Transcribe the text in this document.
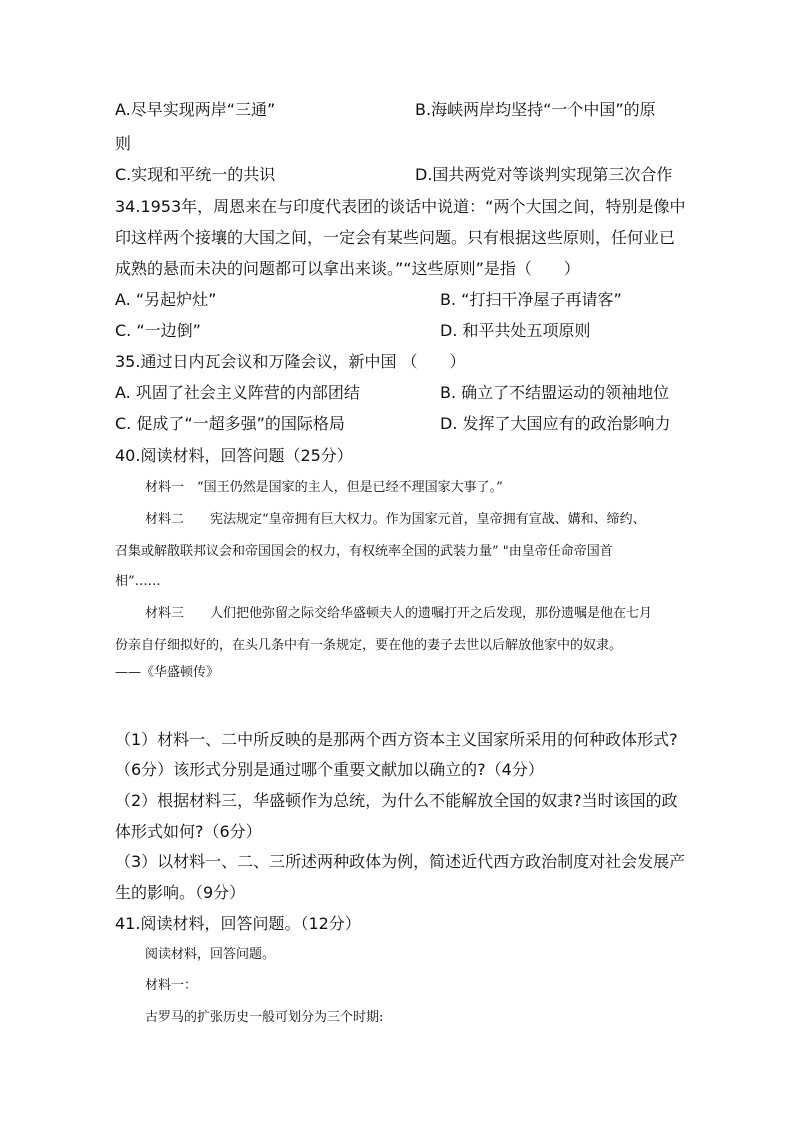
A.尽早实现两岸“三通”	B.海峡两岸均坚持“一个中国”的原
则
C.实现和平统一的共识	D.国共两党对等谈判实现第三次合作
34.1953年，周恩来在与印度代表团的谈话中说道：“两个大国之间，特别是像中
印这样两个接壤的大国之间，一定会有某些问题。只有根据这些原则，任何业已
成熟的悬而未决的问题都可以拿出来谈。”“这些原则”是指（　　）
A. “另起炉灶”	B. “打扫干净屋子再请客”
C. “一边倒”	D. 和平共处五项原则
35.通过日内瓦会议和万隆会议，新中国 （　　）
A. 巩固了社会主义阵营的内部团结	B. 确立了不结盟运动的领袖地位
C. 促成了“一超多强”的国际格局	D. 发挥了大国应有的政治影响力
40.阅读材料，回答问题（25分）
材料一　“国王仍然是国家的主人，但是已经不理国家大事了。”
材料二　　宪法规定“皇帝拥有巨大权力。作为国家元首，皇帝拥有宣战、媾和、缔约、
召集或解散联邦议会和帝国国会的权力，有权统率全国的武装力量” "由皇帝任命帝国首
相”……
材料三　　人们把他弥留之际交给华盛顿夫人的遗嘱打开之后发现，那份遗嘱是他在七月
份亲自仔细拟好的，在头几条中有一条规定，要在他的妻子去世以后解放他家中的奴隶。
——《华盛顿传》
（1）材料一、二中所反映的是那两个西方资本主义国家所采用的何种政体形式?
（6分）该形式分别是通过哪个重要文献加以确立的?（4分）
（2）根据材料三，华盛顿作为总统，为什么不能解放全国的奴隶?当时该国的政
体形式如何?（6分）
（3）以材料一、二、三所述两种政体为例，简述近代西方政治制度对社会发展产
生的影响。（9分）
41.阅读材料，回答问题。（12分）
阅读材料，回答问题。
材料一：
古罗马的扩张历史一般可划分为三个时期:
